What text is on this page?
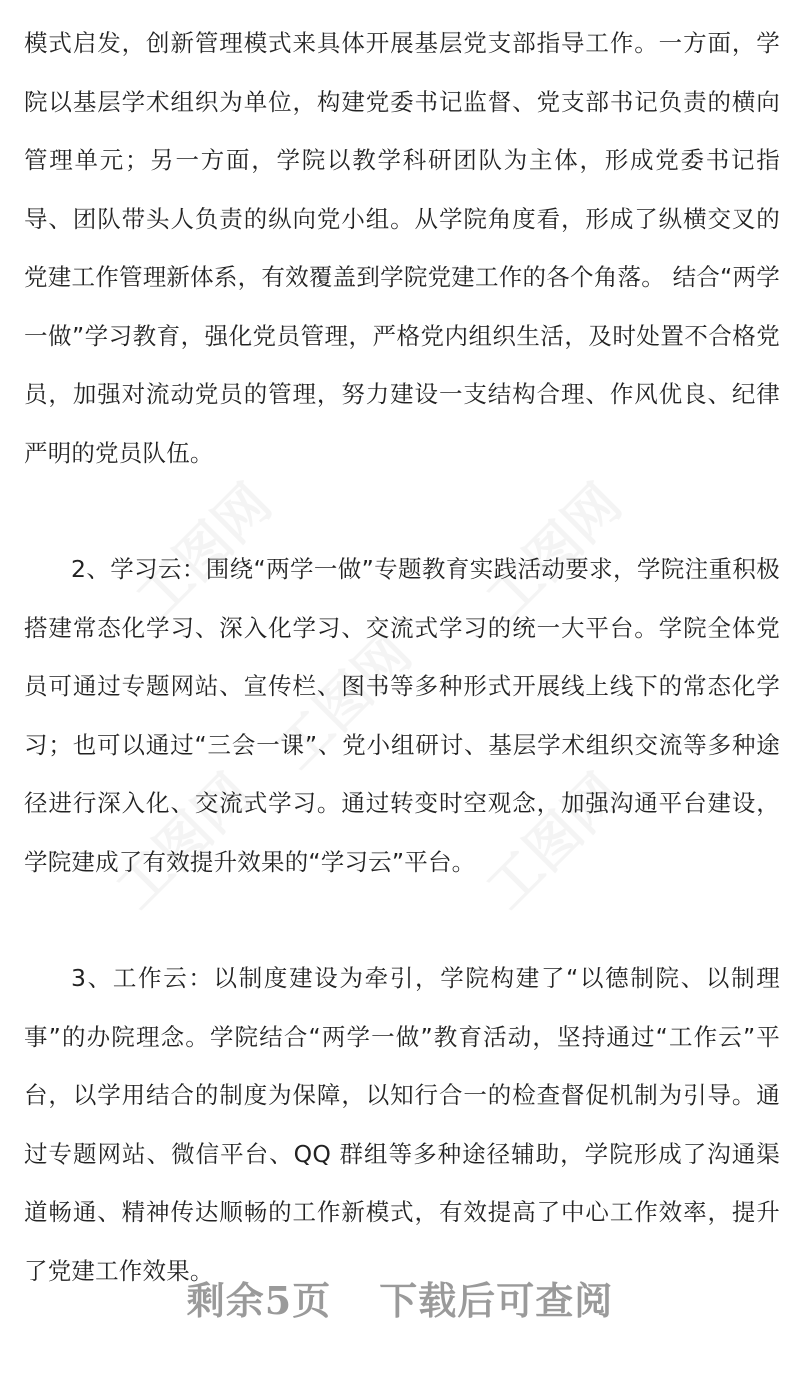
模式启发，创新管理模式来具体开展基层党支部指导工作。一方面，学院以基层学术组织为单位，构建党委书记监督、党支部书记负责的横向管理单元；另一方面，学院以教学科研团队为主体，形成党委书记指导、团队带头人负责的纵向党小组。从学院角度看，形成了纵横交叉的党建工作管理新体系，有效覆盖到学院党建工作的各个角落。 结合“两学一做”学习教育，强化党员管理，严格党内组织生活，及时处置不合格党员，加强对流动党员的管理，努力建设一支结构合理、作风优良、纪律严明的党员队伍。

2、学习云：围绕“两学一做”专题教育实践活动要求，学院注重积极搭建常态化学习、深入化学习、交流式学习的统一大平台。学院全体党员可通过专题网站、宣传栏、图书等多种形式开展线上线下的常态化学习；也可以通过“三会一课”、党小组研讨、基层学术组织交流等多种途径进行深入化、交流式学习。通过转变时空观念，加强沟通平台建设，学院建成了有效提升效果的“学习云”平台。

3、工作云：以制度建设为牵引，学院构建了“以德制院、以制理事”的办院理念。学院结合“两学一做”教育活动，坚持通过“工作云”平台，以学用结合的制度为保障，以知行合一的检查督促机制为引导。通过专题网站、微信平台、QQ 群组等多种途径辅助，学院形成了沟通渠道畅通、精神传达顺畅的工作新模式，有效提高了中心工作效率，提升了党建工作效果。

剩余5页 下载后可查阅
